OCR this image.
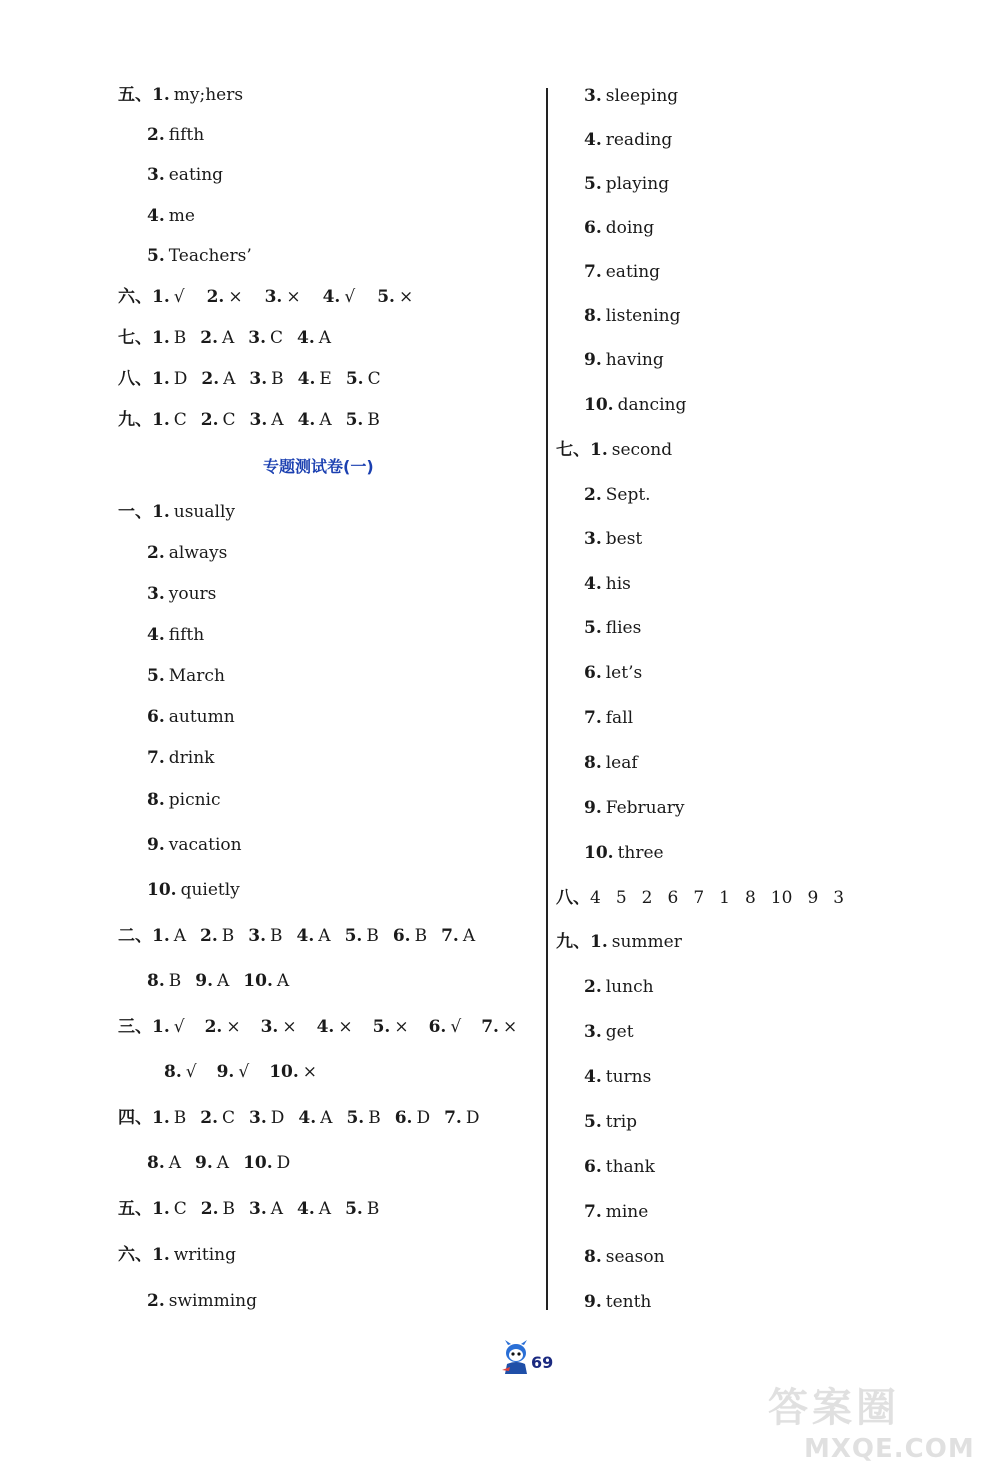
五、1. my;hers
2. fifth
3. eating
4. me
5. Teachers’
六、1. √ 2. × 3. × 4. √ 5. ×
七、1. B 2. A 3. C 4. A
八、1. D 2. A 3. B 4. E 5. C
九、1. C 2. C 3. A 4. A 5. B
一、1. usually
2. always
3. yours
4. fifth
5. March
6. autumn
7. drink
8. picnic
9. vacation
10. quietly
二、1. A 2. B 3. B 4. A 5. B 6. B 7. A
8. B 9. A 10. A
三、1. √ 2. × 3. × 4. × 5. × 6. √ 7. ×
8. √ 9. √ 10. ×
四、1. B 2. C 3. D 4. A 5. B 6. D 7. D
8. A 9. A 10. D
五、1. C 2. B 3. A 4. A 5. B
六、1. writing
2. swimming
专题测试卷(一)
3. sleeping
4. reading
5. playing
6. doing
7. eating
8. listening
9. having
10. dancing
七、1. second
2. Sept.
3. best
4. his
5. flies
6. let’s
7. fall
8. leaf
9. February
10. three
八、4 5 2 6 7 1 8 10 9 3
九、1. summer
2. lunch
3. get
4. turns
5. trip
6. thank
7. mine
8. season
9. tenth
69
答案圈
MXQE.COM
